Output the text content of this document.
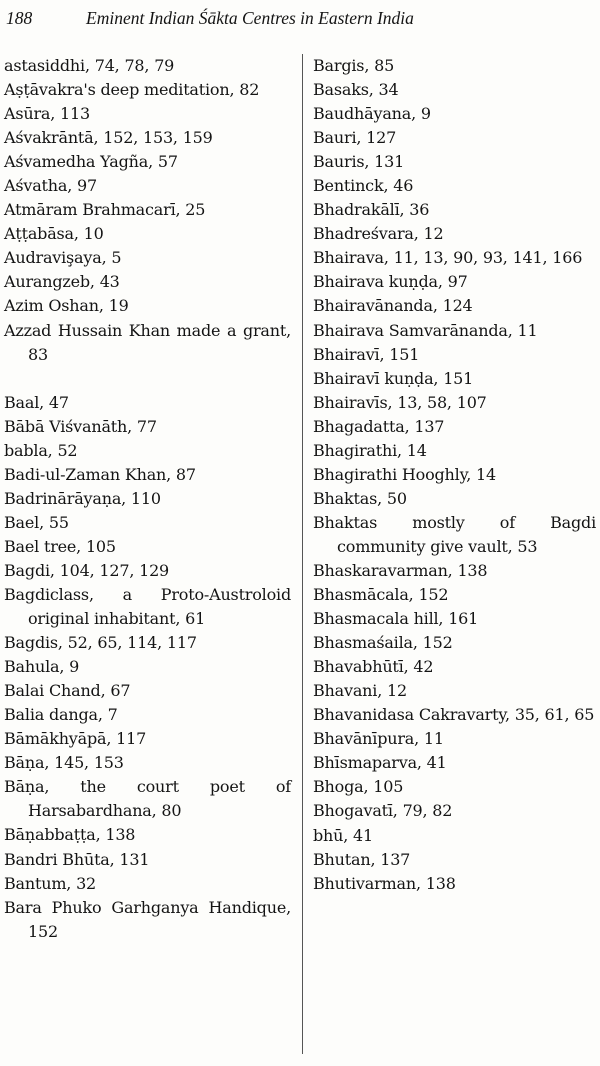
188	Eminent Indian Śākta Centres in Eastern India
astasiddhi, 74, 78, 79
Aṣṭāvakra's deep meditation, 82
Asūra, 113
Aśvakrāntā, 152, 153, 159
Aśvamedha Yagña, 57
Aśvatha, 97
Atmāram Brahmacarī, 25
Aṭṭabāsa, 10
Audravişaya, 5
Aurangzeb, 43
Azim Oshan, 19
Azzad Hussain Khan made a grant, 83
Baal, 47
Bābā Viśvanāth, 77
babla, 52
Badi-ul-Zaman Khan, 87
Badrinārāyaṇa, 110
Bael, 55
Bael tree, 105
Bagdi, 104, 127, 129
Bagdiclass, a Proto-Austroloid original inhabitant, 61
Bagdis, 52, 65, 114, 117
Bahula, 9
Balai Chand, 67
Balia danga, 7
Bāmākhyāpā, 117
Bāṇa, 145, 153
Bāṇa, the court poet of Harsabardhana, 80
Bāṇabbaṭṭa, 138
Bandri Bhūta, 131
Bantum, 32
Bara Phuko Garhganya Handique, 152
Bargis, 85
Basaks, 34
Baudhāyana, 9
Bauri, 127
Bauris, 131
Bentinck, 46
Bhadrakālī, 36
Bhadreśvara, 12
Bhairava, 11, 13, 90, 93, 141, 166
Bhairava kuṇḍa, 97
Bhairavānanda, 124
Bhairava Samvarānanda, 11
Bhairavī, 151
Bhairavī kuṇḍa, 151
Bhairavīs, 13, 58, 107
Bhagadatta, 137
Bhagirathi, 14
Bhagirathi Hooghly, 14
Bhaktas, 50
Bhaktas mostly of Bagdi community give vault, 53
Bhaskaravarman, 138
Bhasmācala, 152
Bhasmacala hill, 161
Bhasmaśaila, 152
Bhavabhūtī, 42
Bhavani, 12
Bhavanidasa Cakravarty, 35, 61, 65
Bhavānīpura, 11
Bhīsmaparva, 41
Bhoga, 105
Bhogavatī, 79, 82
bhū, 41
Bhutan, 137
Bhutivarman, 138
